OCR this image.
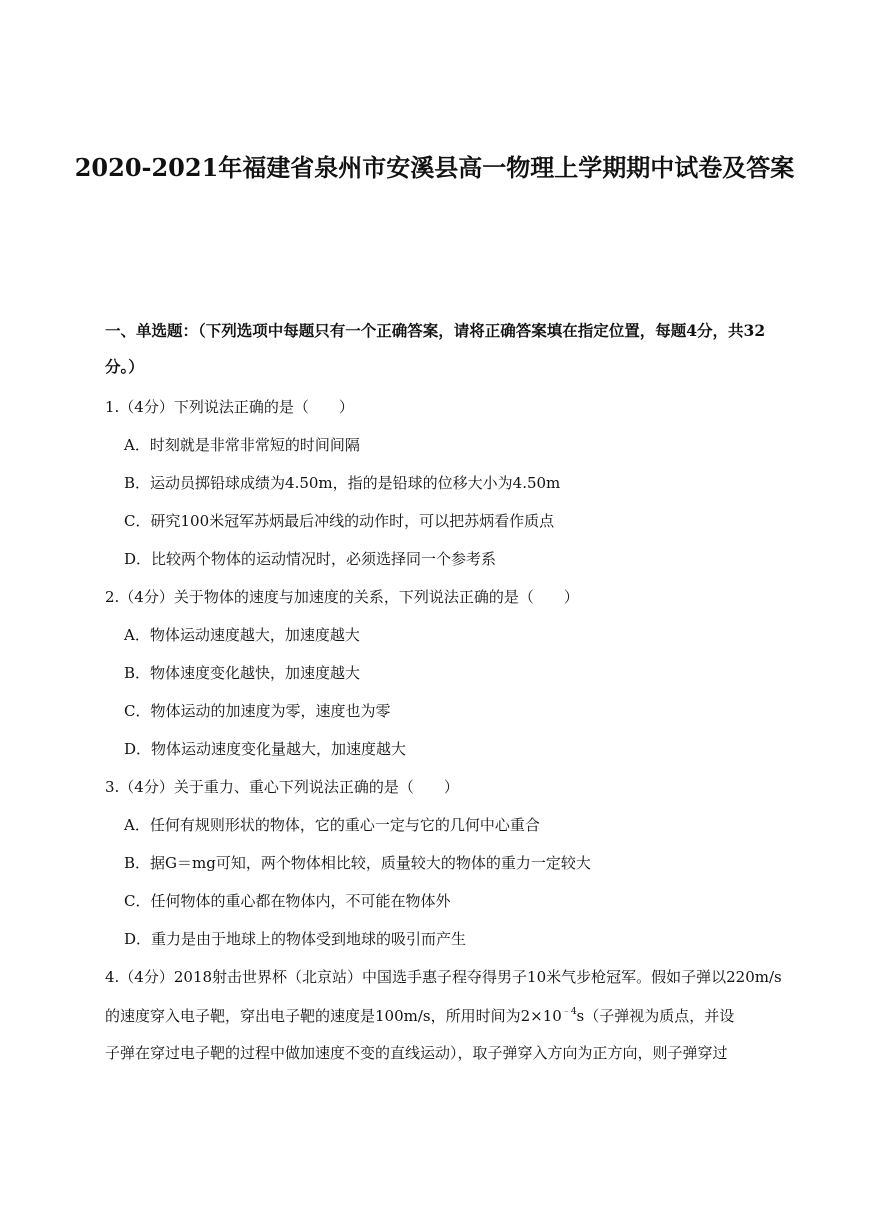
2020-2021年福建省泉州市安溪县高一物理上学期期中试卷及答案
一、单选题：（下列选项中每题只有一个正确答案，请将正确答案填在指定位置，每题4分，共32分。）
1.（4分）下列说法正确的是（　　）
A．时刻就是非常非常短的时间间隔
B．运动员掷铅球成绩为4.50m，指的是铅球的位移大小为4.50m
C．研究100米冠军苏炳最后冲线的动作时，可以把苏炳看作质点
D．比较两个物体的运动情况时，必须选择同一个参考系
2.（4分）关于物体的速度与加速度的关系，下列说法正确的是（　　）
A．物体运动速度越大，加速度越大
B．物体速度变化越快，加速度越大
C．物体运动的加速度为零，速度也为零
D．物体运动速度变化量越大，加速度越大
3.（4分）关于重力、重心下列说法正确的是（　　）
A．任何有规则形状的物体，它的重心一定与它的几何中心重合
B．据G＝mg可知，两个物体相比较，质量较大的物体的重力一定较大
C．任何物体的重心都在物体内，不可能在物体外
D．重力是由于地球上的物体受到地球的吸引而产生
4.（4分）2018射击世界杯（北京站）中国选手惠子程夺得男子10米气步枪冠军。假如子弹以220m/s
的速度穿入电子靶，穿出电子靶的速度是100m/s，所用时间为$2\times 10^{﹣4}s$（子弹视为质点，并设
子弹在穿过电子靶的过程中做加速度不变的直线运动），取子弹穿入方向为正方向，则子弹穿过
